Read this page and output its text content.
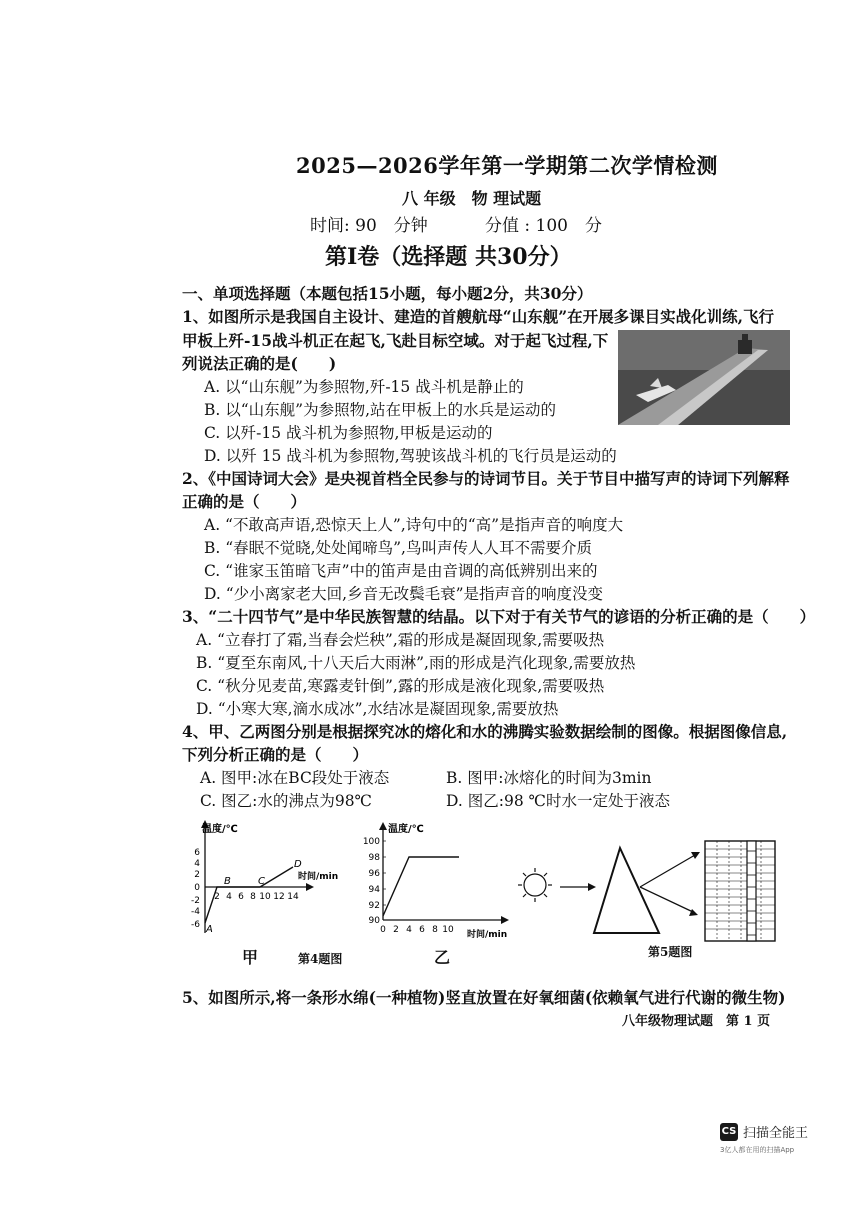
2025—2026学年第一学期第二次学情检测
八 年级　物 理试题
时间: 90　分钟	分值 : 100　分
第Ⅰ卷（选择题 共30分）
一、单项选择题（本题包括15小题，每小题2分，共30分）
1、如图所示是我国自主设计、建造的首艘航母“山东舰”在开展多课目实战化训练,飞行
甲板上歼-15战斗机正在起飞,飞赴目标空域。对于起飞过程,下
列说法正确的是(　　)
A. 以“山东舰”为参照物,歼-15 战斗机是静止的
B. 以“山东舰”为参照物,站在甲板上的水兵是运动的
C. 以歼-15 战斗机为参照物,甲板是运动的
D. 以歼 15 战斗机为参照物,驾驶该战斗机的飞行员是运动的
2、《中国诗词大会》是央视首档全民参与的诗词节目。关于节目中描写声的诗词下列解释
正确的是（　　）
A. “不敢高声语,恐惊天上人”,诗句中的“高”是指声音的响度大
B. “春眠不觉晓,处处闻啼鸟”,鸟叫声传人人耳不需要介质
C. “谁家玉笛暗飞声”中的笛声是由音调的高低辨别出来的
D. “少小离家老大回,乡音无改鬓毛衰”是指声音的响度没变
3、“二十四节气”是中华民族智慧的结晶。以下对于有关节气的谚语的分析正确的是（　　）
A. “立春打了霜,当春会烂秧”,霜的形成是凝固现象,需要吸热
B. “夏至东南风,十八天后大雨淋”,雨的形成是汽化现象,需要放热
C. “秋分见麦苗,寒露麦针倒”,露的形成是液化现象,需要吸热
D. “小寒大寒,滴水成冰”,水结冰是凝固现象,需要放热
4、甲、乙两图分别是根据探究冰的熔化和水的沸腾实验数据绘制的图像。根据图像信息,
下列分析正确的是（　　）
A. 图甲:冰在BC段处于液态	B. 图甲:冰熔化的时间为3min
C. 图乙:水的沸点为98℃	D. 图乙:98 ℃时水一定处于液态
温度/℃
时间/min
6
4
2
0
-2
-4
-6
2 4 6 8 10 12 14
A
B	C
D
温度/℃
时间/min
100
98
96
94
92
90
0 2 4 6 8 10
甲	第4题图	乙	第5题图
5、如图所示,将一条形水绵(一种植物)竖直放置在好氧细菌(依赖氧气进行代谢的微生物)
八年级物理试题　第 1 页
CS 扫描全能王
3亿人都在用的扫描App
